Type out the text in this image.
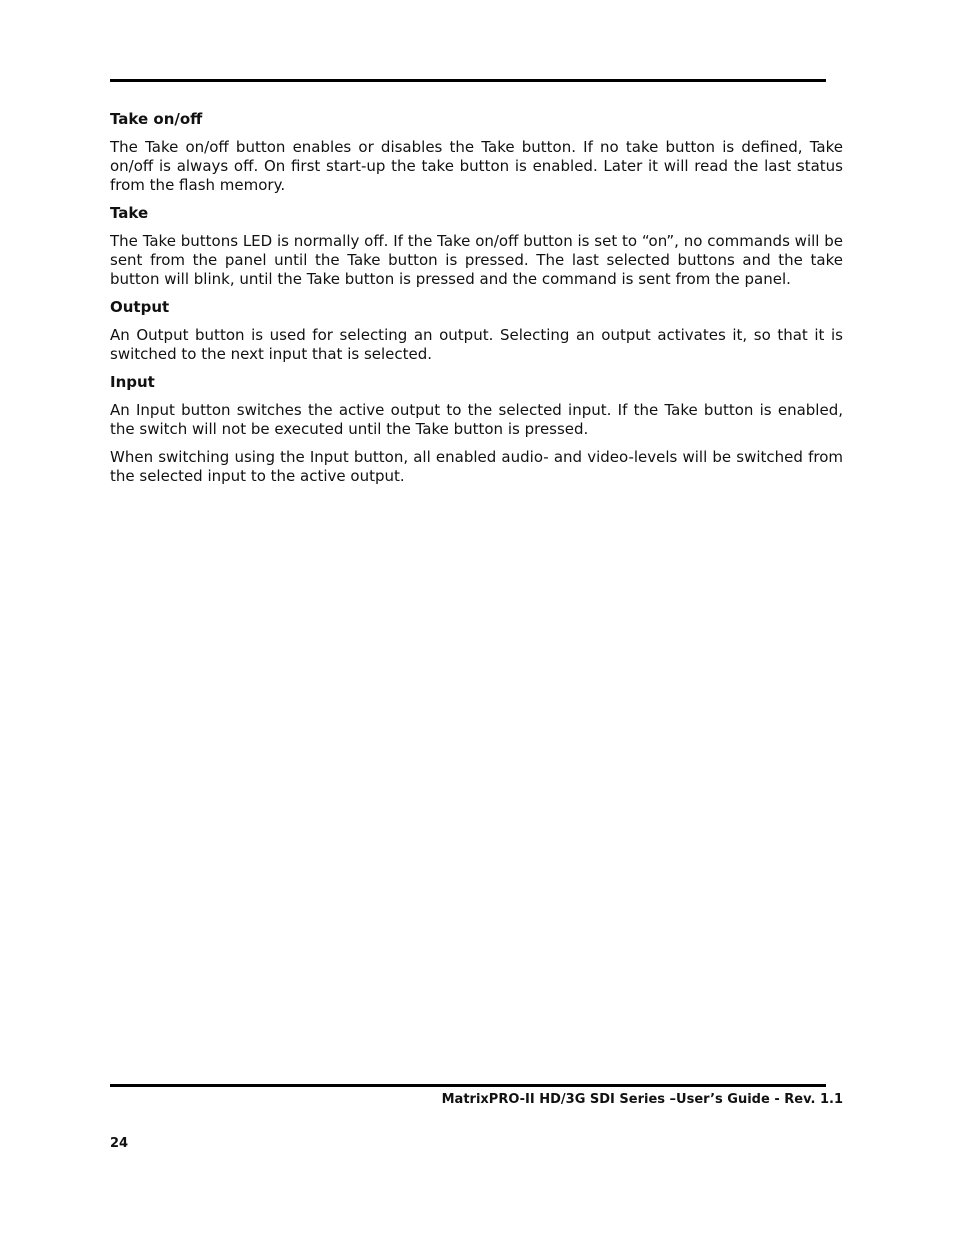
Take on/off

The Take on/off button enables or disables the Take button. If no take button is defined, Take on/off is always off. On first start-up the take button is enabled. Later it will read the last status from the flash memory.

Take

The Take buttons LED is normally off. If the Take on/off button is set to “on”, no commands will be sent from the panel until the Take button is pressed. The last selected buttons and the take button will blink, until the Take button is pressed and the command is sent from the panel.

Output

An Output button is used for selecting an output. Selecting an output activates it, so that it is switched to the next input that is selected.

Input

An Input button switches the active output to the selected input. If the Take button is enabled, the switch will not be executed until the Take button is pressed.

When switching using the Input button, all enabled audio- and video-levels will be switched from the selected input to the active output.

MatrixPRO-II HD/3G SDI Series –User’s Guide - Rev. 1.1
24
